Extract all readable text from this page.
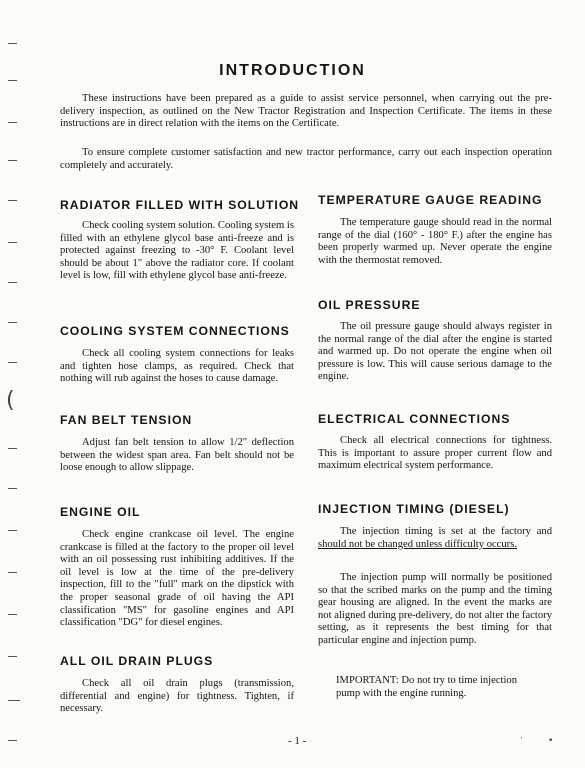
(
INTRODUCTION
These instructions have been prepared as a guide to assist service personnel, when carrying out the pre-delivery inspection, as outlined on the New Tractor Registration and Inspection Certificate. The items in these instructions are in direct relation with the items on the Certificate.
To ensure complete customer satisfaction and new tractor performance, carry out each inspection operation completely and accurately.
RADIATOR FILLED WITH SOLUTION
Check cooling system solution. Cooling system is filled with an ethylene glycol base anti-freeze and is protected against freezing to -30° F. Coolant level should be about 1" above the radiator core. If coolant level is low, fill with ethylene glycol base anti-freeze.
COOLING SYSTEM CONNECTIONS
Check all cooling system connections for leaks and tighten hose clamps, as required. Check that nothing will rub against the hoses to cause damage.
FAN BELT TENSION
Adjust fan belt tension to allow 1/2" deflection between the widest span area. Fan belt should not be loose enough to allow slippage.
ENGINE OIL
Check engine crankcase oil level. The engine crankcase is filled at the factory to the proper oil level with an oil possessing rust inhibiting additives. If the oil level is low at the time of the pre-delivery inspection, fill to the "full" mark on the dipstick with the proper seasonal grade of oil having the API classification "MS" for gasoline engines and API classification "DG" for diesel engines.
ALL OIL DRAIN PLUGS
Check all oil drain plugs (transmission, differential and engine) for tightness. Tighten, if necessary.
TEMPERATURE GAUGE READING
The temperature gauge should read in the normal range of the dial (160° - 180° F.) after the engine has been properly warmed up. Never operate the engine with the thermostat removed.
OIL PRESSURE
The oil pressure gauge should always register in the normal range of the dial after the engine is started and warmed up. Do not operate the engine when oil pressure is low. This will cause serious damage to the engine.
ELECTRICAL CONNECTIONS
Check all electrical connections for tightness. This is important to assure proper current flow and maximum electrical system performance.
INJECTION TIMING (DIESEL)
The injection timing is set at the factory and should not be changed unless difficulty occurs.
The injection pump will normally be positioned so that the scribed marks on the pump and the timing gear housing are aligned. In the event the marks are not aligned during pre-delivery, do not alter the factory setting, as it represents the best timing for that particular engine and injection pump.
IMPORTANT: Do not try to time injection pump with the engine running.
- 1 -	·	•
